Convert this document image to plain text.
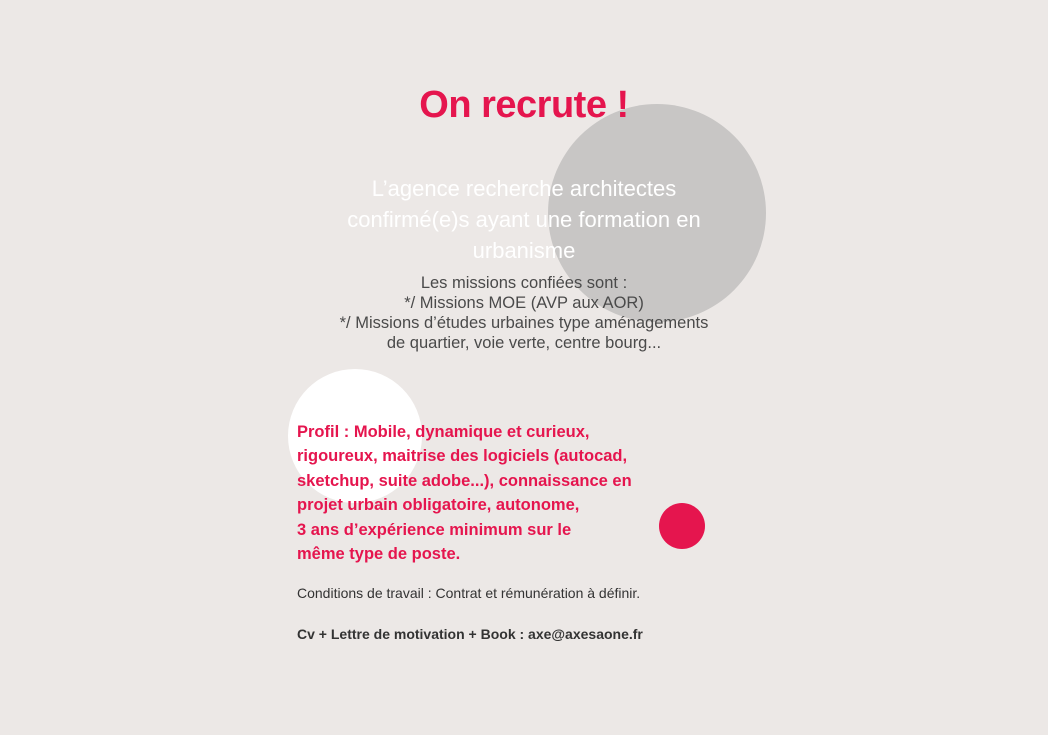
On recrute !
L’agence recherche architectes
confirmé(e)s ayant une formation en
urbanisme
Les missions confiées sont :
*/ Missions MOE (AVP aux AOR)
*/ Missions d’études urbaines type aménagements
de quartier, voie verte, centre bourg...
Profil : Mobile, dynamique et curieux,
rigoureux, maitrise des logiciels (autocad,
sketchup, suite adobe...), connaissance en
projet urbain obligatoire, autonome,
3 ans d’expérience minimum sur le
même type de poste.
Conditions de travail : Contrat et rémunération à définir.
Cv + Lettre de motivation + Book : axe@axesaone.fr
